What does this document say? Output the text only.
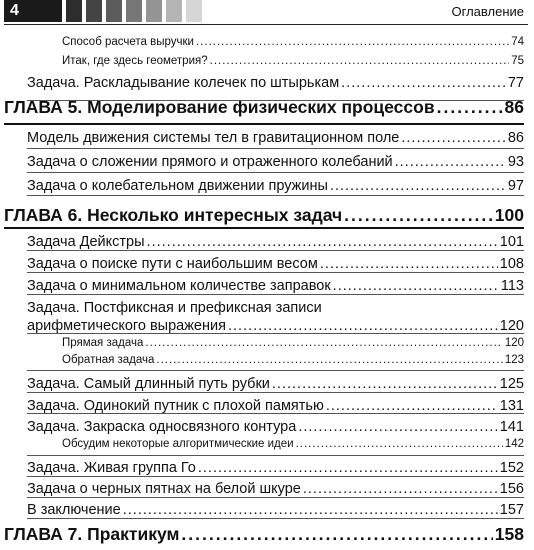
4	Оглавление
Способ расчета выручки .....	74
Итак, где здесь геометрия? .....	75
Задача. Раскладывание колечек по штырькам .....	77
ГЛАВА 5. Моделирование физических процессов .....	86
Модель движения системы тел в гравитационном поле .....	86
Задача о сложении прямого и отраженного колебаний .....	93
Задача о колебательном движении пружины .....	97
ГЛАВА 6. Несколько интересных задач .....	100
Задача Дейкстры .....	101
Задача о поиске пути с наибольшим весом .....	108
Задача о минимальном количестве заправок .....	113
Задача. Постфиксная и префиксная записи
арифметического выражения .....	120
Прямая задача .....	120
Обратная задача .....	123
Задача. Самый длинный путь рубки .....	125
Задача. Одинокий путник с плохой памятью .....	131
Задача. Закраска односвязного контура .....	141
Обсудим некоторые алгоритмические идеи .....	142
Задача. Живая группа Го .....	152
Задача о черных пятнах на белой шкуре .....	156
В заключение .....	157
ГЛАВА 7. Практикум .....	158
